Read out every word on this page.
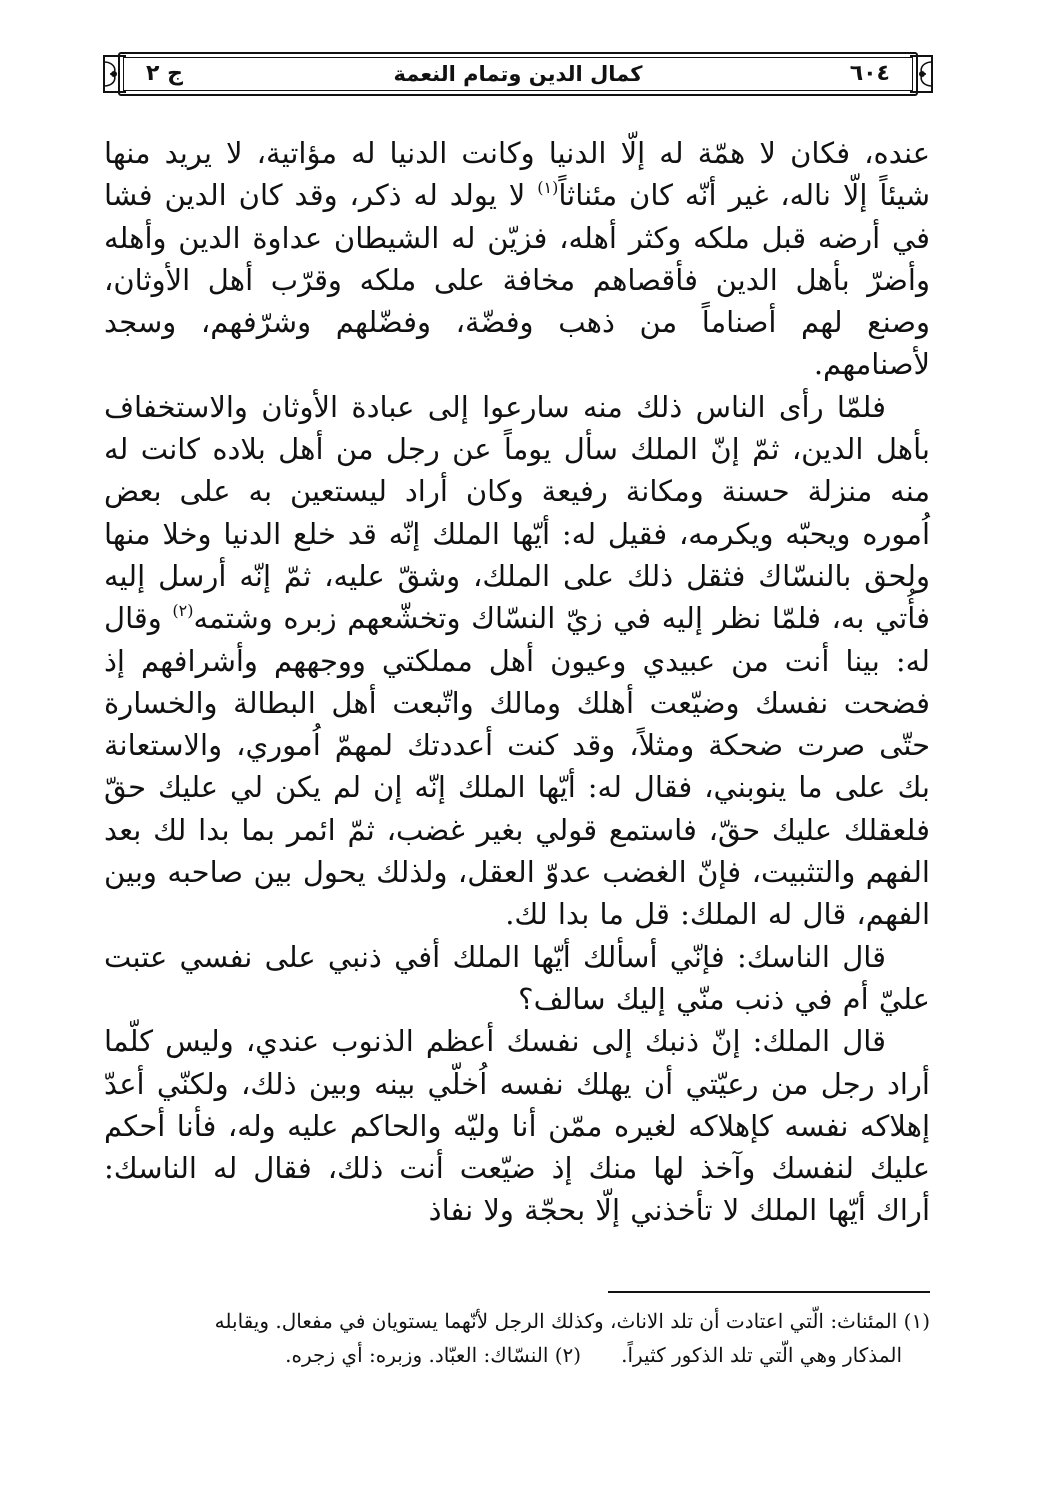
٦٠٤
كمال الدين وتمام النعمة
ج ٢

عنده، فكان لا همّة له إلّا الدنيا وكانت الدنيا له مؤاتية، لا يريد منها شيئاً إلّا ناله، غير أنّه كان مئناثاً$^{(١)}$ لا يولد له ذكر، وقد كان الدين فشا في أرضه قبل ملكه وكثر أهله، فزيّن له الشيطان عداوة الدين وأهله وأضرّ بأهل الدين فأقصاهم مخافة على ملكه وقرّب أهل الأوثان، وصنع لهم أصناماً من ذهب وفضّة، وفضّلهم وشرّفهم، وسجد لأصنامهم.

فلمّا رأى الناس ذلك منه سارعوا إلى عبادة الأوثان والاستخفاف بأهل الدين، ثمّ إنّ الملك سأل يوماً عن رجل من أهل بلاده كانت له منه منزلة حسنة ومكانة رفيعة وكان أراد ليستعين به على بعض اُموره ويحبّه ويكرمه، فقيل له: أيّها الملك إنّه قد خلع الدنيا وخلا منها ولحق بالنسّاك فثقل ذلك على الملك، وشقّ عليه، ثمّ إنّه أرسل إليه فأُتي به، فلمّا نظر إليه في زيّ النسّاك وتخشّعهم زبره وشتمه$^{(٢)}$ وقال له: بينا أنت من عبيدي وعيون أهل مملكتي ووجههم وأشرافهم إذ فضحت نفسك وضيّعت أهلك ومالك واتّبعت أهل البطالة والخسارة حتّى صرت ضحكة ومثلاً، وقد كنت أعددتك لمهمّ اُموري، والاستعانة بك على ما ينوبني، فقال له: أيّها الملك إنّه إن لم يكن لي عليك حقّ فلعقلك عليك حقّ، فاستمع قولي بغير غضب، ثمّ ائمر بما بدا لك بعد الفهم والتثبيت، فإنّ الغضب عدوّ العقل، ولذلك يحول بين صاحبه وبين الفهم، قال له الملك: قل ما بدا لك.

قال الناسك: فإنّي أسألك أيّها الملك أفي ذنبي على نفسي عتبت عليّ أم في ذنب منّي إليك سالف؟

قال الملك: إنّ ذنبك إلى نفسك أعظم الذنوب عندي، وليس كلّما أراد رجل من رعيّتي أن يهلك نفسه اُخلّي بينه وبين ذلك، ولكنّي أعدّ إهلاكه نفسه كإهلاكه لغيره ممّن أنا وليّه والحاكم عليه وله، فأنا أحكم عليك لنفسك وآخذ لها منك إذ ضيّعت أنت ذلك، فقال له الناسك: أراك أيّها الملك لا تأخذني إلّا بحجّة ولا نفاذ

(١) المئناث: الّتي اعتادت أن تلد الاناث، وكذلك الرجل لأنّهما يستويان في مفعال. ويقابله

المذكار وهي الّتي تلد الذكور كثيراً.(٢) النسّاك: العبّاد. وزبره: أي زجره.
